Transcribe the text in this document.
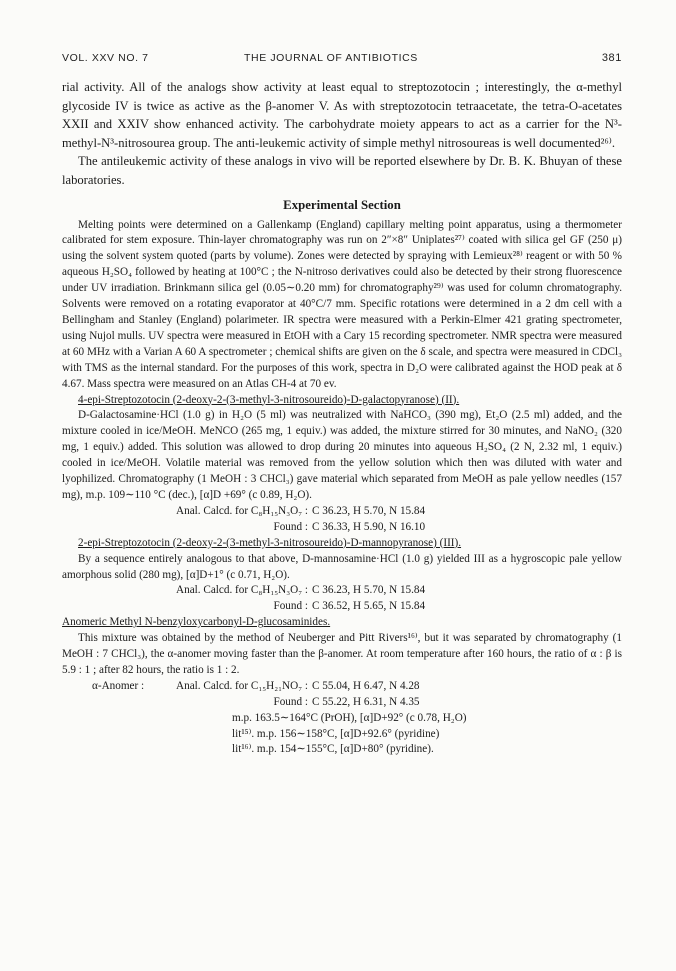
VOL. XXV NO. 7	THE JOURNAL OF ANTIBIOTICS	381

rial activity. All of the analogs show activity at least equal to streptozotocin ; interestingly, the α-methyl glycoside IV is twice as active as the β-anomer V. As with streptozotocin tetraacetate, the tetra-O-acetates XXII and XXIV show enhanced activity. The carbohydrate moiety appears to act as a carrier for the N³-methyl-N³-nitrosourea group. The anti-leukemic activity of simple methyl nitrosoureas is well documented²⁶⁾.

The antileukemic activity of these analogs in vivo will be reported elsewhere by Dr. B. K. Bhuyan of these laboratories.

Experimental Section

Melting points were determined on a Gallenkamp (England) capillary melting point apparatus, using a thermometer calibrated for stem exposure. Thin-layer chromatography was run on 2″×8″ Uniplates²⁷⁾ coated with silica gel GF (250 μ) using the solvent system quoted (parts by volume). Zones were detected by spraying with Lemieux²⁸⁾ reagent or with 50 % aqueous H₂SO₄ followed by heating at 100°C ; the N-nitroso derivatives could also be detected by their strong fluorescence under UV irradiation. Brinkmann silica gel (0.05∼0.20 mm) for chromatography²⁹⁾ was used for column chromatography. Solvents were removed on a rotating evaporator at 40°C/7 mm. Specific rotations were determined in a 2 dm cell with a Bellingham and Stanley (England) polarimeter. IR spectra were measured with a Perkin-Elmer 421 grating spectrometer, using Nujol mulls. UV spectra were measured in EtOH with a Cary 15 recording spectrometer. NMR spectra were measured at 60 MHz with a Varian A 60 A spectrometer ; chemical shifts are given on the δ scale, and spectra were measured in CDCl₃ with TMS as the internal standard. For the purposes of this work, spectra in D₂O were calibrated against the HOD peak at δ 4.67. Mass spectra were measured on an Atlas CH-4 at 70 ev.

4-epi-Streptozotocin (2-deoxy-2-(3-methyl-3-nitrosoureido)-D-galactopyranose) (II).

D-Galactosamine·HCl (1.0 g) in H₂O (5 ml) was neutralized with NaHCO₃ (390 mg), Et₂O (2.5 ml) added, and the mixture cooled in ice/MeOH. MeNCO (265 mg, 1 equiv.) was added, the mixture stirred for 30 minutes, and NaNO₂ (320 mg, 1 equiv.) added. This solution was allowed to drop during 20 minutes into aqueous H₂SO₄ (2 N, 2.32 ml, 1 equiv.) cooled in ice/MeOH. Volatile material was removed from the yellow solution which then was diluted with water and lyophilized. Chromatography (1 MeOH : 3 CHCl₃) gave material which separated from MeOH as pale yellow needles (157 mg), m.p. 109∼110 °C (dec.), [α]D +69° (c 0.89, H₂O).

Anal. Calcd. for C₈H₁₅N₃O₇ : C 36.23, H 5.70, N 15.84
Found : C 36.33, H 5.90, N 16.10

2-epi-Streptozotocin (2-deoxy-2-(3-methyl-3-nitrosoureido)-D-mannopyranose) (III).

By a sequence entirely analogous to that above, D-mannosamine·HCl (1.0 g) yielded III as a hygroscopic pale yellow amorphous solid (280 mg), [α]D+1° (c 0.71, H₂O).

Anal. Calcd. for C₈H₁₅N₃O₇ : C 36.23, H 5.70, N 15.84
Found : C 36.52, H 5.65, N 15.84

Anomeric Methyl N-benzyloxycarbonyl-D-glucosaminides.

This mixture was obtained by the method of Neuberger and Pitt Rivers¹⁶⁾, but it was separated by chromatography (1 MeOH : 7 CHCl₃), the α-anomer moving faster than the β-anomer. At room temperature after 160 hours, the ratio of α : β is 5.9 : 1 ; after 82 hours, the ratio is 1 : 2.

α-Anomer :	Anal. Calcd. for C₁₅H₂₁NO₇ : C 55.04, H 6.47, N 4.28
Found : C 55.22, H 6.31, N 4.35
m.p. 163.5∼164°C (PrOH), [α]D+92° (c 0.78, H₂O)
lit¹⁵⁾. m.p. 156∼158°C, [α]D+92.6° (pyridine)
lit¹⁶⁾. m.p. 154∼155°C, [α]D+80° (pyridine).
